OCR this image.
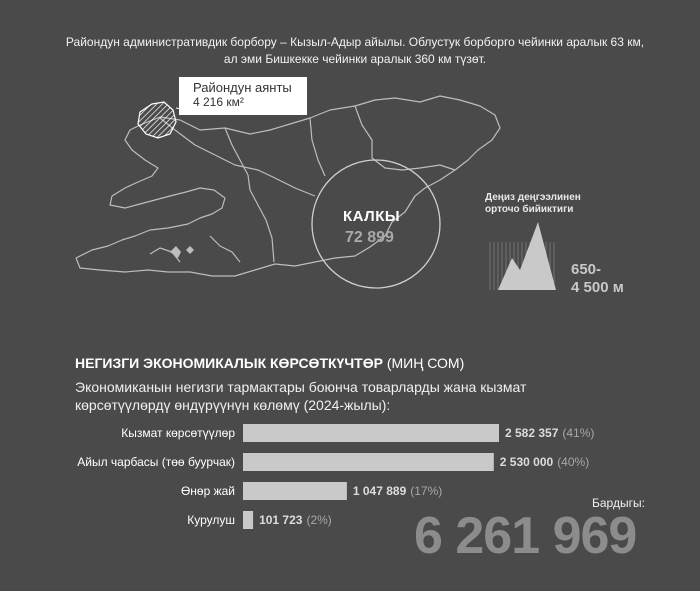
Райондун административдик борбору – Кызыл-Адыр айылы. Облустук борборго чейинки аралык 63 км, ал эми Бишкекке чейинки аралык 360 км түзөт.
Райондун аянты
4 216 км²
КАЛКЫ
72 899
Деңиз деңгээлинен орточо бийиктиги
650-
4 500 м
НЕГИЗГИ ЭКОНОМИКАЛЫК КӨРСӨТКҮЧТӨР (МИҢ СОМ)
Экономиканын негизги тармактары боюнча товарларды жана кызмат көрсөтүүлөрдү өндүрүүнүн көлөмү (2024-жылы):
Кызмат көрсөтүүлөр	2 582 357 (41%)
Айыл чарбасы (төө буурчак)	2 530 000 (40%)
Өнөр жай	1 047 889 (17%)
Курулуш 101 723 (2%)
Бардыгы:
6 261 969
